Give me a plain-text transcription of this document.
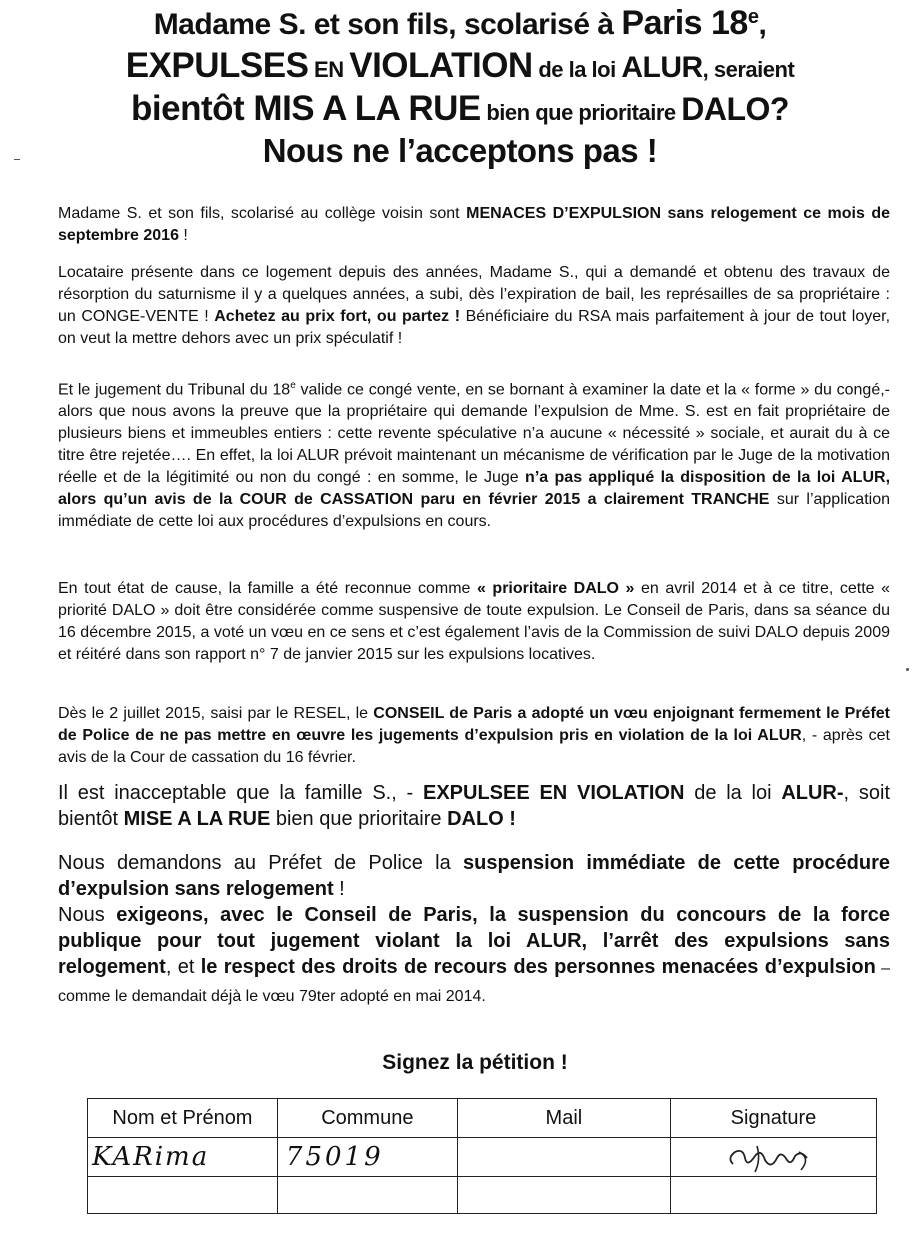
Madame S. et son fils, scolarisé à Paris 18e,
EXPULSES EN VIOLATION de la loi ALUR, seraient
bientôt MIS A LA RUE bien que prioritaire DALO?
Nous ne l’acceptons pas !

Madame S. et son fils, scolarisé au collège voisin sont MENACES D’EXPULSION sans relogement ce mois de septembre 2016 !

Locataire présente dans ce logement depuis des années, Madame S., qui a demandé et obtenu des travaux de résorption du saturnisme il y a quelques années, a subi, dès l’expiration de bail, les représailles de sa propriétaire : un CONGE-VENTE ! Achetez au prix fort, ou partez ! Bénéficiaire du RSA mais parfaitement à jour de tout loyer, on veut la mettre dehors avec un prix spéculatif !

Et le jugement du Tribunal du 18e valide ce congé vente, en se bornant à examiner la date et la « forme » du congé,- alors que nous avons la preuve que la propriétaire qui demande l’expulsion de Mme. S. est en fait propriétaire de plusieurs biens et immeubles entiers : cette revente spéculative n’a aucune « nécessité » sociale, et aurait du à ce titre être rejetée…. En effet, la loi ALUR prévoit maintenant un mécanisme de vérification par le Juge de la motivation réelle et de la légitimité ou non du congé : en somme, le Juge n’a pas appliqué la disposition de la loi ALUR, alors qu’un avis de la COUR de CASSATION paru en février 2015 a clairement TRANCHE sur l’application immédiate de cette loi aux procédures d’expulsions en cours.

En tout état de cause, la famille a été reconnue comme « prioritaire DALO » en avril 2014 et à ce titre, cette « priorité DALO » doit être considérée comme suspensive de toute expulsion. Le Conseil de Paris, dans sa séance du 16 décembre 2015, a voté un vœu en ce sens et c’est également l’avis de la Commission de suivi DALO depuis 2009 et réitéré dans son rapport n° 7 de janvier 2015 sur les expulsions locatives.

Dès le 2 juillet 2015, saisi par le RESEL, le CONSEIL de Paris a adopté un vœu enjoignant fermement le Préfet de Police de ne pas mettre en œuvre les jugements d’expulsion pris en violation de la loi ALUR, - après cet avis de la Cour de cassation du 16 février.

Il est inacceptable que la famille S., - EXPULSEE EN VIOLATION de la loi ALUR-, soit bientôt MISE A LA RUE bien que prioritaire DALO !

Nous demandons au Préfet de Police la suspension immédiate de cette procédure d’expulsion sans relogement !
Nous exigeons, avec le Conseil de Paris, la suspension du concours de la force publique pour tout jugement violant la loi ALUR, l’arrêt des expulsions sans relogement, et le respect des droits de recours des personnes menacées d’expulsion – comme le demandait déjà le vœu 79ter adopté en mai 2014.

Signez la pétition !

Nom et Prénom	Commune	Mail	Signature

KARima	75019
